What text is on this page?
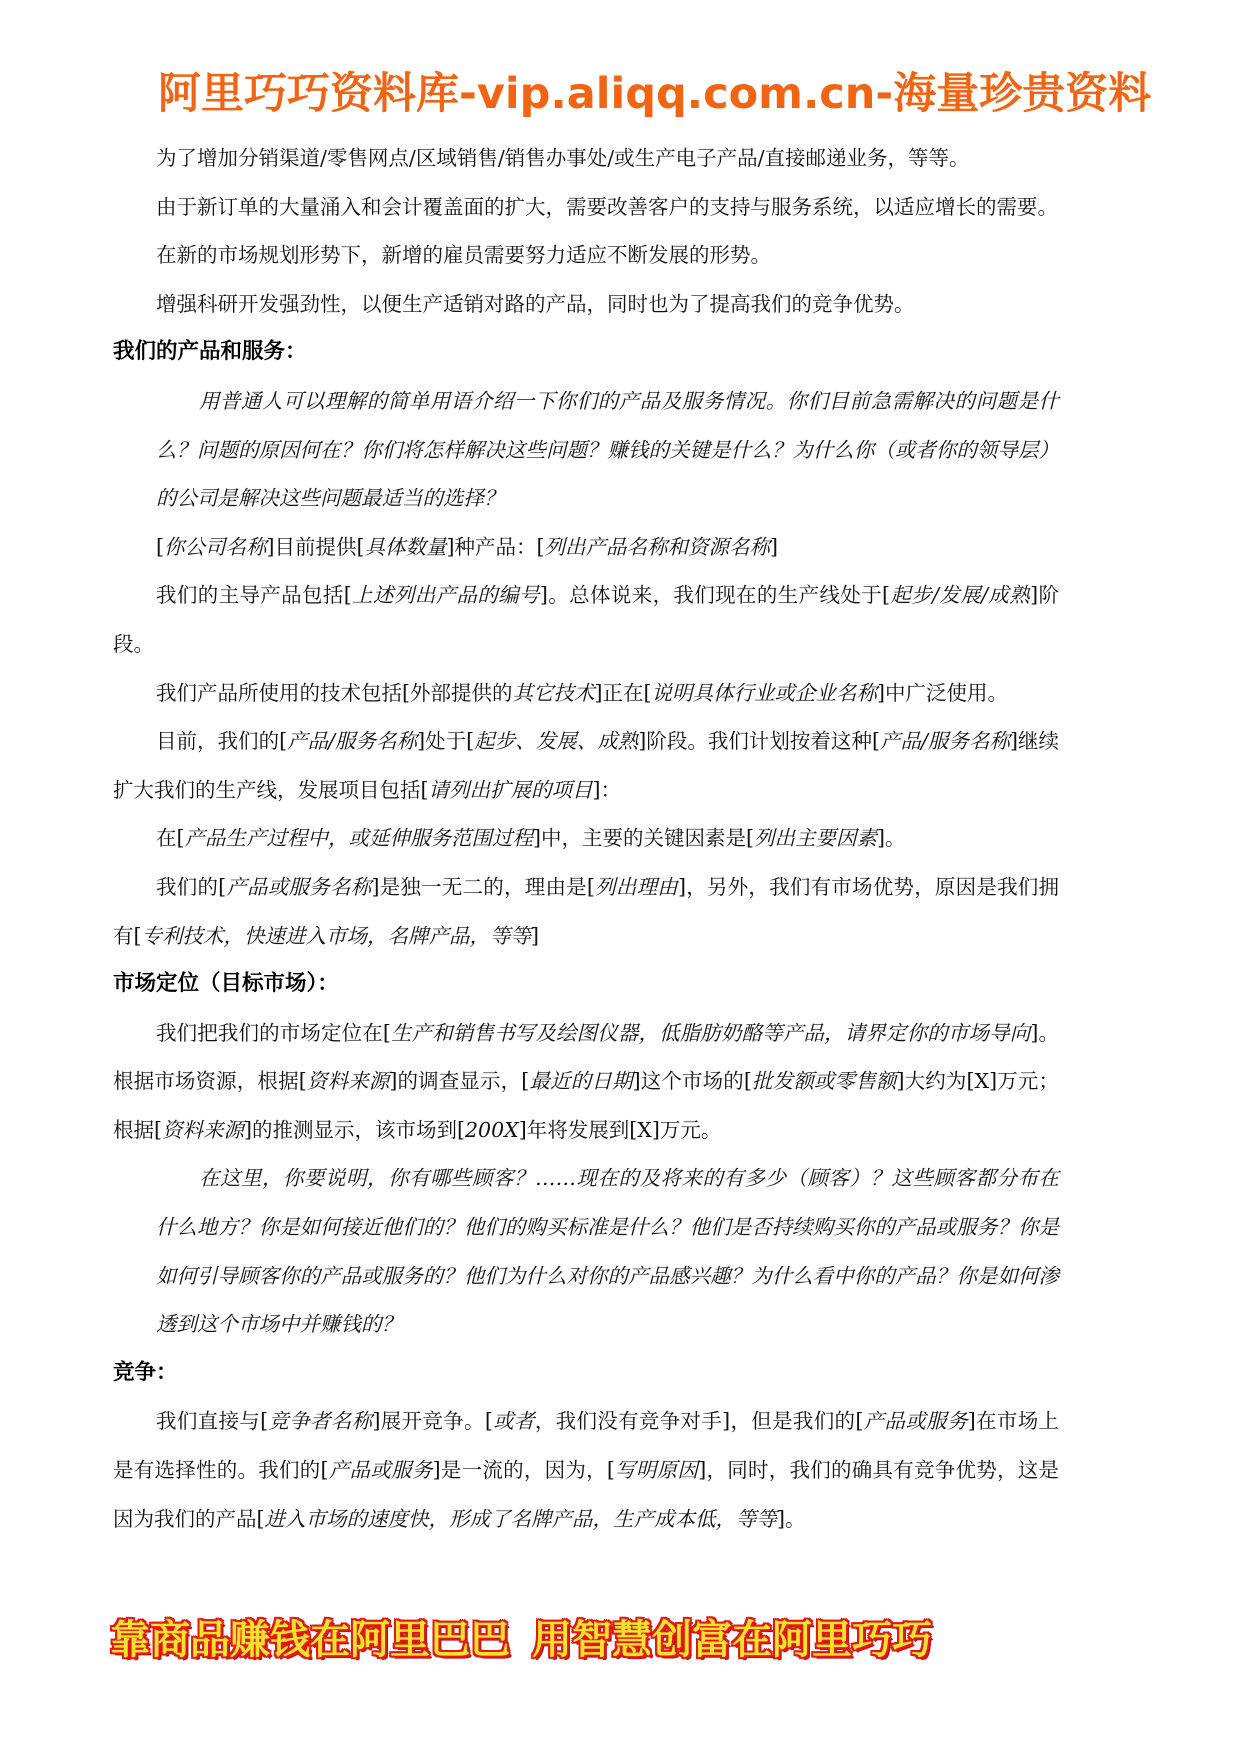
阿里巧巧资料库-vip.aliqq.com.cn-海量珍贵资料

为了增加分销渠道/零售网点/区域销售/销售办事处/或生产电子产品/直接邮递业务，等等。

由于新订单的大量涌入和会计覆盖面的扩大，需要改善客户的支持与服务系统，以适应增长的需要。

在新的市场规划形势下，新增的雇员需要努力适应不断发展的形势。

增强科研开发强劲性，以便生产适销对路的产品，同时也为了提高我们的竞争优势。

我们的产品和服务：

用普通人可以理解的简单用语介绍一下你们的产品及服务情况。你们目前急需解决的问题是什么？问题的原因何在？你们将怎样解决这些问题？赚钱的关键是什么？为什么你（或者你的领导层）的公司是解决这些问题最适当的选择？

[你公司名称]目前提供[具体数量]种产品：[列出产品名称和资源名称]

我们的主导产品包括[上述列出产品的编号]。总体说来，我们现在的生产线处于[起步/发展/成熟]阶段。

我们产品所使用的技术包括[外部提供的其它技术]正在[说明具体行业或企业名称]中广泛使用。

目前，我们的[产品/服务名称]处于[起步、发展、成熟]阶段。我们计划按着这种[产品/服务名称]继续扩大我们的生产线，发展项目包括[请列出扩展的项目]：

在[产品生产过程中，或延伸服务范围过程]中，主要的关键因素是[列出主要因素]。

我们的[产品或服务名称]是独一无二的，理由是[列出理由]，另外，我们有市场优势，原因是我们拥有[专利技术，快速进入市场，名牌产品，等等]

市场定位（目标市场）：

我们把我们的市场定位在[生产和销售书写及绘图仪器，低脂肪奶酪等产品，请界定你的市场导向]。根据市场资源，根据[资料来源]的调查显示，[最近的日期]这个市场的[批发额或零售额]大约为[X]万元；根据[资料来源]的推测显示，该市场到[200X]年将发展到[X]万元。

在这里，你要说明，你有哪些顾客？……现在的及将来的有多少（顾客）？这些顾客都分布在什么地方？你是如何接近他们的？他们的购买标准是什么？他们是否持续购买你的产品或服务？你是如何引导顾客你的产品或服务的？他们为什么对你的产品感兴趣？为什么看中你的产品？你是如何渗透到这个市场中并赚钱的？

竞争：

我们直接与[竞争者名称]展开竞争。[或者，我们没有竞争对手]，但是我们的[产品或服务]在市场上是有选择性的。我们的[产品或服务]是一流的，因为，[写明原因]，同时，我们的确具有竞争优势，这是因为我们的产品[进入市场的速度快，形成了名牌产品，生产成本低，等等]。

靠商品赚钱在阿里巴巴 用智慧创富在阿里巧巧
